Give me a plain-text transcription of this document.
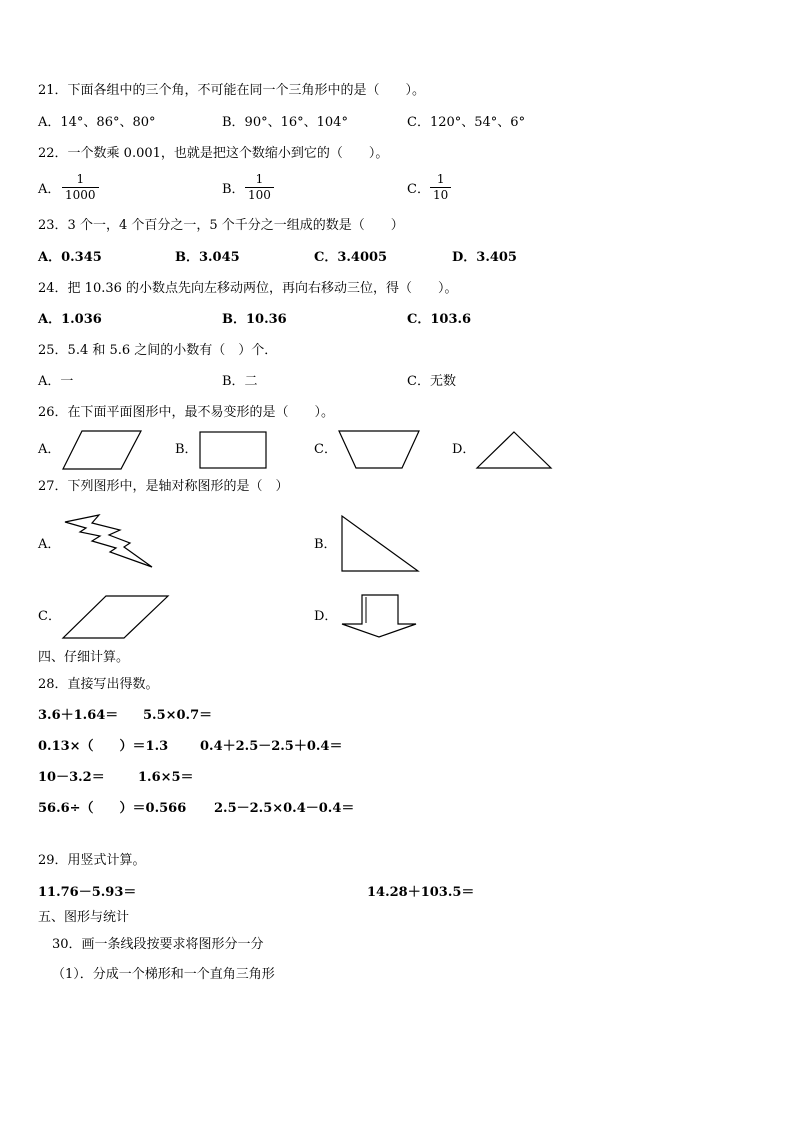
21．下面各组中的三个角，不可能在同一个三角形中的是（　　）。
A．14°、86°、80°	B．90°、16°、104°	C．120°、54°、6°
22．一个数乘 0.001，也就是把这个数缩小到它的（　　）。
A． $\frac{1}{1000}$	B． $\frac{1}{100}$	C． $\frac{1}{10}$
23．3 个一，4 个百分之一，5 个千分之一组成的数是（　　）
A．0.345	B．3.045	C．3.4005	D．3.405
24．把 10.36 的小数点先向左移动两位，再向右移动三位，得（　　）。
A．1.036	B．10.36	C．103.6
25．5.4 和 5.6 之间的小数有（　）个．
A．一	B．二	C．无数
26．在下面平面图形中，最不易变形的是（　　）。
A．	B．	C．	D．
27．下列图形中，是轴对称图形的是（　）
A．	B．
C．	D．
四、仔细计算。
28．直接写出得数。
3.6＋1.64＝ 5.5×0.7＝
0.13×（　　）＝1.3 0.4＋2.5－2.5＋0.4＝
10－3.2＝	1.6×5＝
56.6÷（　　）＝0.566 2.5－2.5×0.4－0.4＝
29．用竖式计算。
11.76－5.93＝	14.28＋103.5＝
五、图形与统计
30．画一条线段按要求将图形分一分
（1）．分成一个梯形和一个直角三角形
